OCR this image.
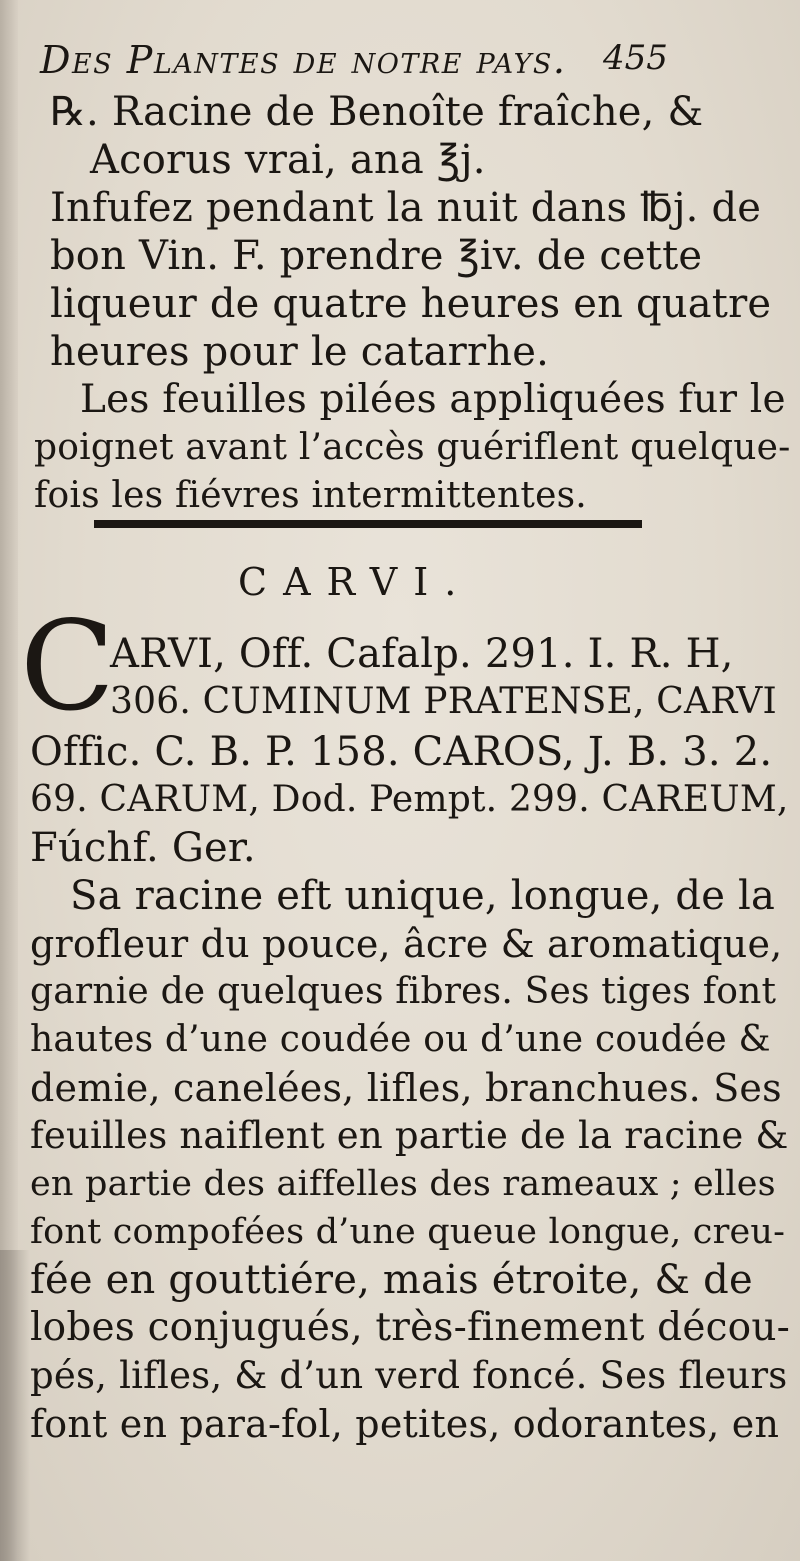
Des Plantes de notre pays.	455
℞. Racine de Benoîte fraîche, &
Acorus vrai, ana ℥j.
Infufez pendant la nuit dans ℔j. de
bon Vin. F. prendre ℥iv. de cette
liqueur de quatre heures en quatre
heures pour le catarrhe.
Les feuilles pilées appliquées fur le
poignet avant l’accès guériflent quelque-
fois les fiévres intermittentes.
CARVI.
C
ARVI, Off. Cafalp. 291. I. R. H,
306. CUMINUM PRATENSE, CARVI
Offic. C. B. P. 158. CAROS, J. B. 3. 2.
69. CARUM, Dod. Pempt. 299. CAREUM,
Fúchf. Ger.
Sa racine eft unique, longue, de la
grofleur du pouce, âcre & aromatique,
garnie de quelques fibres. Ses tiges font
hautes d’une coudée ou d’une coudée &
demie, canelées, lifles, branchues. Ses
feuilles naiflent en partie de la racine &
en partie des aiffelles des rameaux ; elles
font compofées d’une queue longue, creu-
fée en gouttiére, mais étroite, & de
lobes conjugués, très-finement décou-
pés, lifles, & d’un verd foncé. Ses fleurs
font en para-fol, petites, odorantes, en
